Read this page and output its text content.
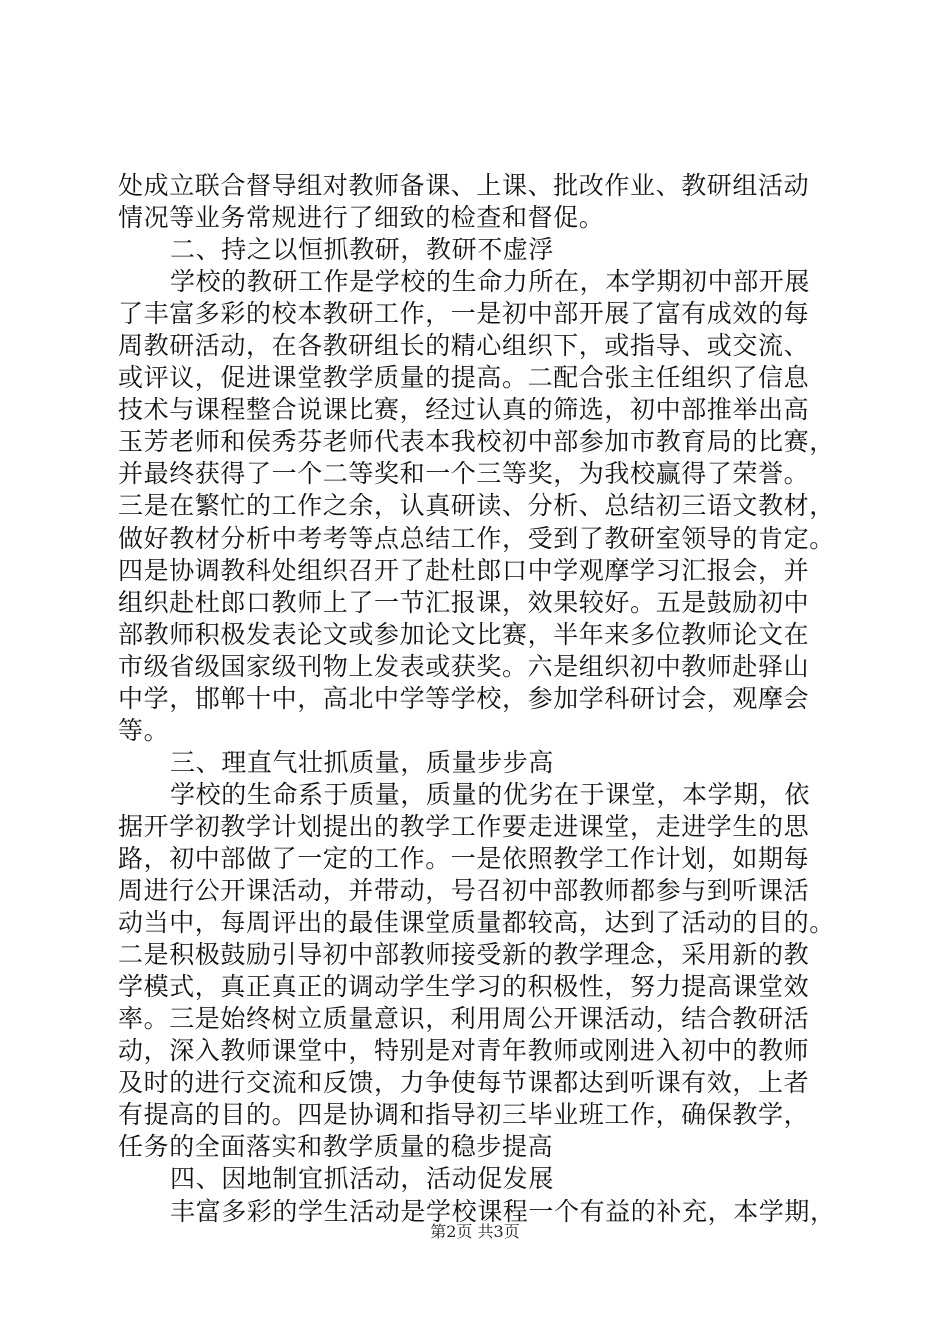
处成立联合督导组对教师备课、上课、批改作业、教研组活动
情况等业务常规进行了细致的检查和督促。
二、持之以恒抓教研，教研不虚浮
学校的教研工作是学校的生命力所在，本学期初中部开展
了丰富多彩的校本教研工作，一是初中部开展了富有成效的每
周教研活动，在各教研组长的精心组织下，或指导、或交流、
或评议，促进课堂教学质量的提高。二配合张主任组织了信息
技术与课程整合说课比赛，经过认真的筛选，初中部推举出高
玉芳老师和侯秀芬老师代表本我校初中部参加市教育局的比赛，
并最终获得了一个二等奖和一个三等奖，为我校赢得了荣誉。
三是在繁忙的工作之余，认真研读、分析、总结初三语文教材，
做好教材分析中考考等点总结工作，受到了教研室领导的肯定。
四是协调教科处组织召开了赴杜郎口中学观摩学习汇报会，并
组织赴杜郎口教师上了一节汇报课，效果较好。五是鼓励初中
部教师积极发表论文或参加论文比赛，半年来多位教师论文在
市级省级国家级刊物上发表或获奖。六是组织初中教师赴驿山
中学，邯郸十中，高北中学等学校，参加学科研讨会，观摩会
等。
三、理直气壮抓质量，质量步步高
学校的生命系于质量，质量的优劣在于课堂，本学期，依
据开学初教学计划提出的教学工作要走进课堂，走进学生的思
路，初中部做了一定的工作。一是依照教学工作计划，如期每
周进行公开课活动，并带动，号召初中部教师都参与到听课活
动当中，每周评出的最佳课堂质量都较高，达到了活动的目的。
二是积极鼓励引导初中部教师接受新的教学理念，采用新的教
学模式，真正真正的调动学生学习的积极性，努力提高课堂效
率。三是始终树立质量意识，利用周公开课活动，结合教研活
动，深入教师课堂中，特别是对青年教师或刚进入初中的教师
及时的进行交流和反馈，力争使每节课都达到听课有效，上者
有提高的目的。四是协调和指导初三毕业班工作，确保教学，
任务的全面落实和教学质量的稳步提高
四、因地制宜抓活动，活动促发展
丰富多彩的学生活动是学校课程一个有益的补充，本学期，
第2页 共3页
